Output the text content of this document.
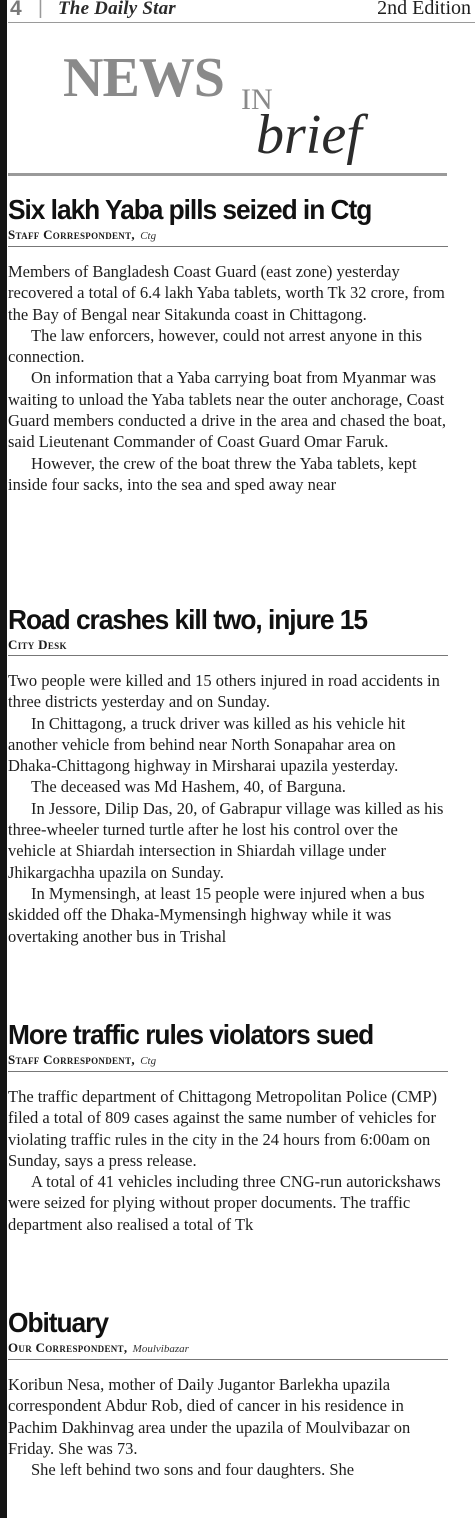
4 | The Daily Star	2nd Edition
NEWS IN
brief
Six lakh Yaba pills seized in Ctg
Staff Correspondent, Ctg

Members of Bangladesh Coast Guard (east zone) yesterday recovered a total of 6.4 lakh Yaba tablets, worth Tk 32 crore, from the Bay of Bengal near Sitakunda coast in Chittagong.

The law enforcers, however, could not arrest anyone in this connection.

On information that a Yaba carrying boat from Myanmar was waiting to unload the Yaba tablets near the outer anchorage, Coast Guard members conducted a drive in the area and chased the boat, said Lieutenant Commander of Coast Guard Omar Faruk.

However, the crew of the boat threw the Yaba tablets, kept inside four sacks, into the sea and sped away near

Road crashes kill two, injure 15
City Desk

Two people were killed and 15 others injured in road accidents in three districts yesterday and on Sunday.

In Chittagong, a truck driver was killed as his vehicle hit another vehicle from behind near North Sonapahar area on Dhaka-Chittagong highway in Mirsharai upazila yesterday.

The deceased was Md Hashem, 40, of Barguna.

In Jessore, Dilip Das, 20, of Gabrapur village was killed as his three-wheeler turned turtle after he lost his control over the vehicle at Shiardah intersection in Shiardah village under Jhikargachha upazila on Sunday.

In Mymensingh, at least 15 people were injured when a bus skidded off the Dhaka-Mymensingh highway while it was overtaking another bus in Trishal

More traffic rules violators sued
Staff Correspondent, Ctg

The traffic department of Chittagong Metropolitan Police (CMP) filed a total of 809 cases against the same number of vehicles for violating traffic rules in the city in the 24 hours from 6:00am on Sunday, says a press release.

A total of 41 vehicles including three CNG-run autorickshaws were seized for plying without proper documents. The traffic department also realised a total of Tk

Obituary
Our Correspondent, Moulvibazar

Koribun Nesa, mother of Daily Jugantor Barlekha upazila correspondent Abdur Rob, died of cancer in his residence in Pachim Dakhinvag area under the upazila of Moulvibazar on Friday. She was 73.

She left behind two sons and four daughters. She
